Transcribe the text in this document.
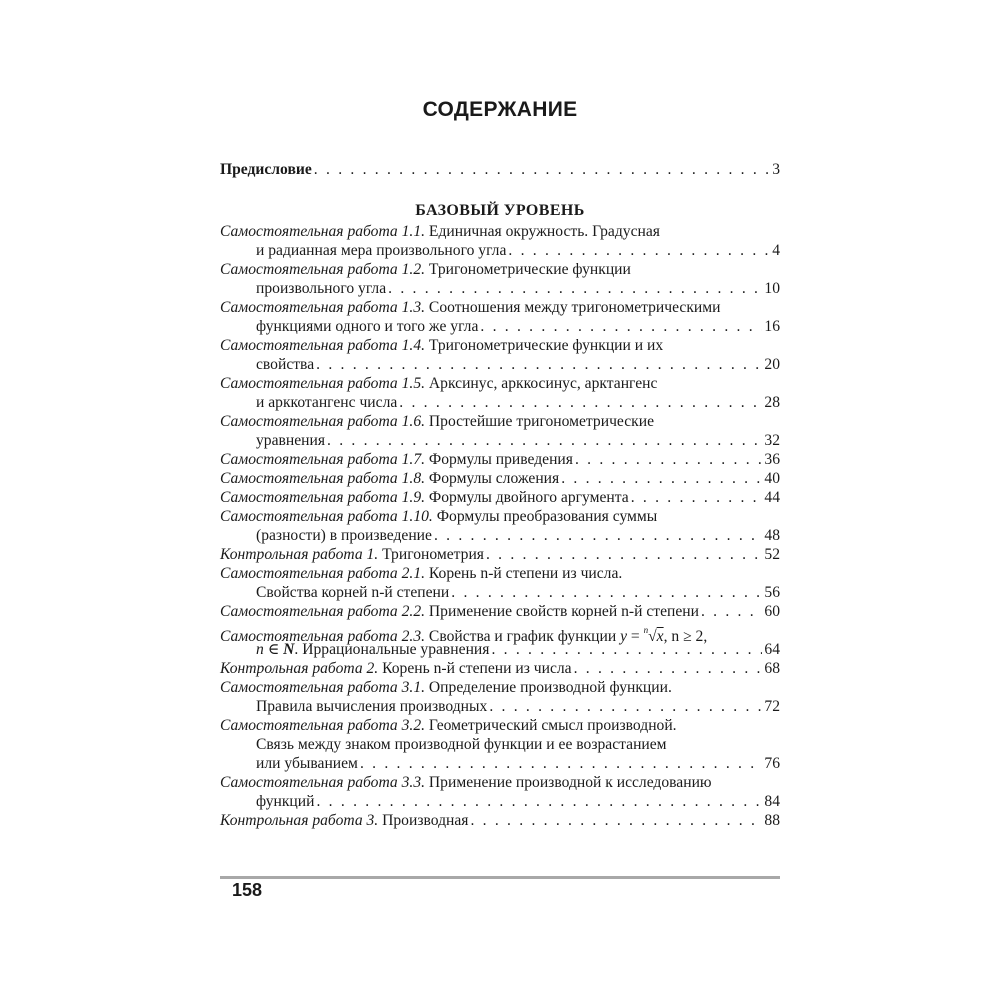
СОДЕРЖАНИЕ
Предисловие . . .	3
БАЗОВЫЙ УРОВЕНЬ
Самостоятельная работа 1.1. Единичная окружность. Градусная
и радианная мера произвольного угла . . .	4
Самостоятельная работа 1.2. Тригонометрические функции
произвольного угла . . .	10
Самостоятельная работа 1.3. Соотношения между тригонометрическими
функциями одного и того же угла . . .	16
Самостоятельная работа 1.4. Тригонометрические функции и их
свойства . . .	20
Самостоятельная работа 1.5. Арксинус, арккосинус, арктангенс
и арккотангенс числа . . .	28
Самостоятельная работа 1.6. Простейшие тригонометрические
уравнения . . .	32
Самостоятельная работа 1.7. Формулы приведения . . .	36
Самостоятельная работа 1.8. Формулы сложения . . .	40
Самостоятельная работа 1.9. Формулы двойного аргумента . . .	44
Самостоятельная работа 1.10. Формулы преобразования суммы
(разности) в произведение . . .	48
Контрольная работа 1. Тригонометрия . . .	52
Самостоятельная работа 2.1. Корень n-й степени из числа.
Свойства корней n-й степени . . .	56
Самостоятельная работа 2.2. Применение свойств корней n-й степени . . .	60
Самостоятельная работа 2.3. Свойства и график функции y = $^n$√x, n ≥ 2,
n ∈ N. Иррациональные уравнения . . .	64
Контрольная работа 2. Корень n-й степени из числа . . .	68
Самостоятельная работа 3.1. Определение производной функции.
Правила вычисления производных . . .	72
Самостоятельная работа 3.2. Геометрический смысл производной.
Связь между знаком производной функции и ее возрастанием
или убыванием . . .	76
Самостоятельная работа 3.3. Применение производной к исследованию
функций . . .	84
Контрольная работа 3. Производная . . .	88
158
